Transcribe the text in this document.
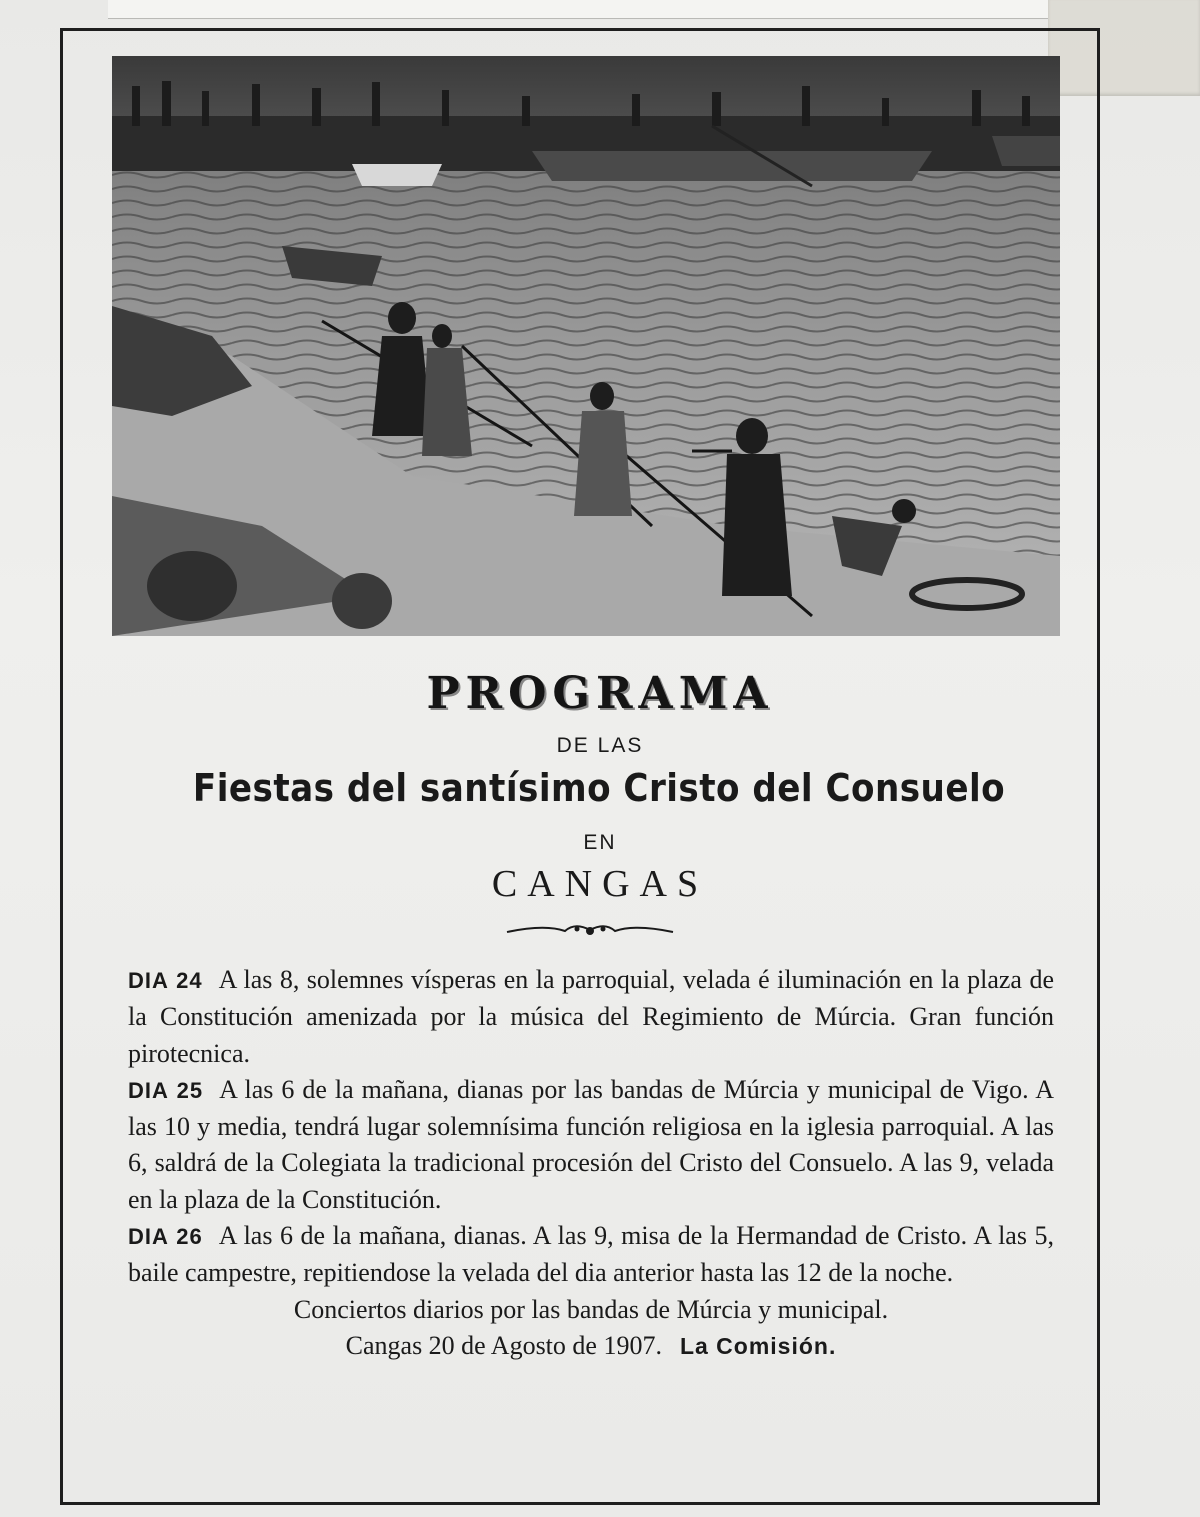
PROGRAMA
DE LAS
Fiestas del santísimo Cristo del Consuelo
EN
CANGAS

DIA 24 A las 8, solemnes vísperas en la parroquial, velada é iluminación en la plaza de la Constitución amenizada por la música del Regimiento de Múrcia. Gran función pirotecnica.

DIA 25 A las 6 de la mañana, dianas por las bandas de Múrcia y municipal de Vigo. A las 10 y media, tendrá lugar solemnísima función religiosa en la iglesia parroquial. A las 6, saldrá de la Colegiata la tradicional procesión del Cristo del Consuelo. A las 9, velada en la plaza de la Constitución.

DIA 26 A las 6 de la mañana, dianas. A las 9, misa de la Hermandad de Cristo. A las 5, baile campestre, repitiendose la velada del dia anterior hasta las 12 de la noche.

Conciertos diarios por las bandas de Múrcia y municipal.

Cangas 20 de Agosto de 1907. La Comisión.
